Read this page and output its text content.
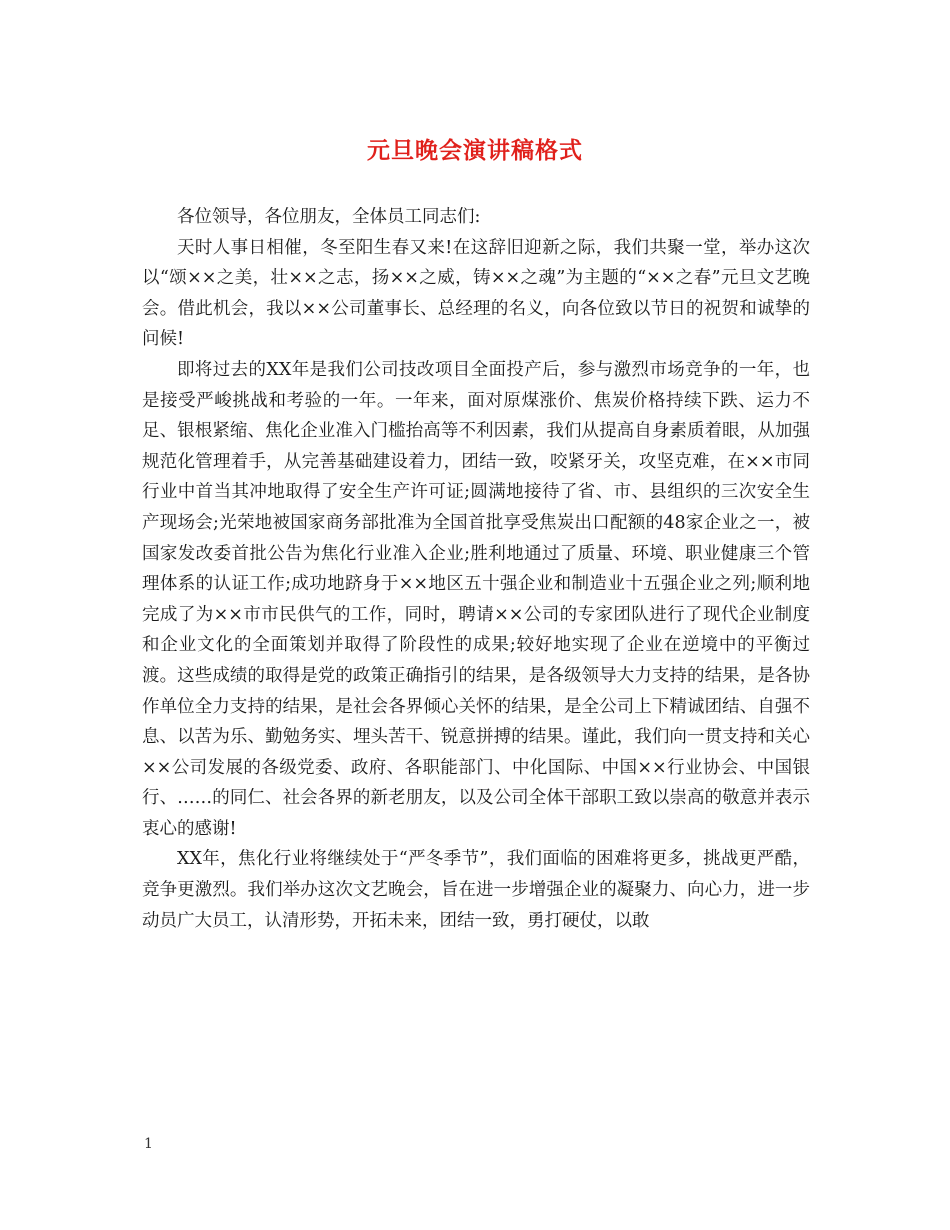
元旦晚会演讲稿格式

各位领导，各位朋友，全体员工同志们:

天时人事日相催，冬至阳生春又来!在这辞旧迎新之际，我们共聚一堂，举办这次以“颂××之美，壮××之志，扬××之威，铸××之魂”为主题的“××之春”元旦文艺晚会。借此机会，我以××公司董事长、总经理的名义，向各位致以节日的祝贺和诚挚的问候!

即将过去的XX年是我们公司技改项目全面投产后，参与激烈市场竞争的一年，也是接受严峻挑战和考验的一年。一年来，面对原煤涨价、焦炭价格持续下跌、运力不足、银根紧缩、焦化企业准入门槛抬高等不利因素，我们从提高自身素质着眼，从加强规范化管理着手，从完善基础建设着力，团结一致，咬紧牙关，攻坚克难，在××市同行业中首当其冲地取得了安全生产许可证;圆满地接待了省、市、县组织的三次安全生产现场会;光荣地被国家商务部批准为全国首批享受焦炭出口配额的48家企业之一，被国家发改委首批公告为焦化行业准入企业;胜利地通过了质量、环境、职业健康三个管理体系的认证工作;成功地跻身于××地区五十强企业和制造业十五强企业之列;顺利地完成了为××市市民供气的工作，同时，聘请××公司的专家团队进行了现代企业制度和企业文化的全面策划并取得了阶段性的成果;较好地实现了企业在逆境中的平衡过渡。这些成绩的取得是党的政策正确指引的结果，是各级领导大力支持的结果，是各协作单位全力支持的结果，是社会各界倾心关怀的结果，是全公司上下精诚团结、自强不息、以苦为乐、勤勉务实、埋头苦干、锐意拼搏的结果。谨此，我们向一贯支持和关心××公司发展的各级党委、政府、各职能部门、中化国际、中国××行业协会、中国银行、……的同仁、社会各界的新老朋友，以及公司全体干部职工致以崇高的敬意并表示衷心的感谢!

XX年，焦化行业将继续处于“严冬季节”，我们面临的困难将更多，挑战更严酷，竞争更激烈。我们举办这次文艺晚会，旨在进一步增强企业的凝聚力、向心力，进一步动员广大员工，认清形势，开拓未来，团结一致，勇打硬仗，以敢

1
